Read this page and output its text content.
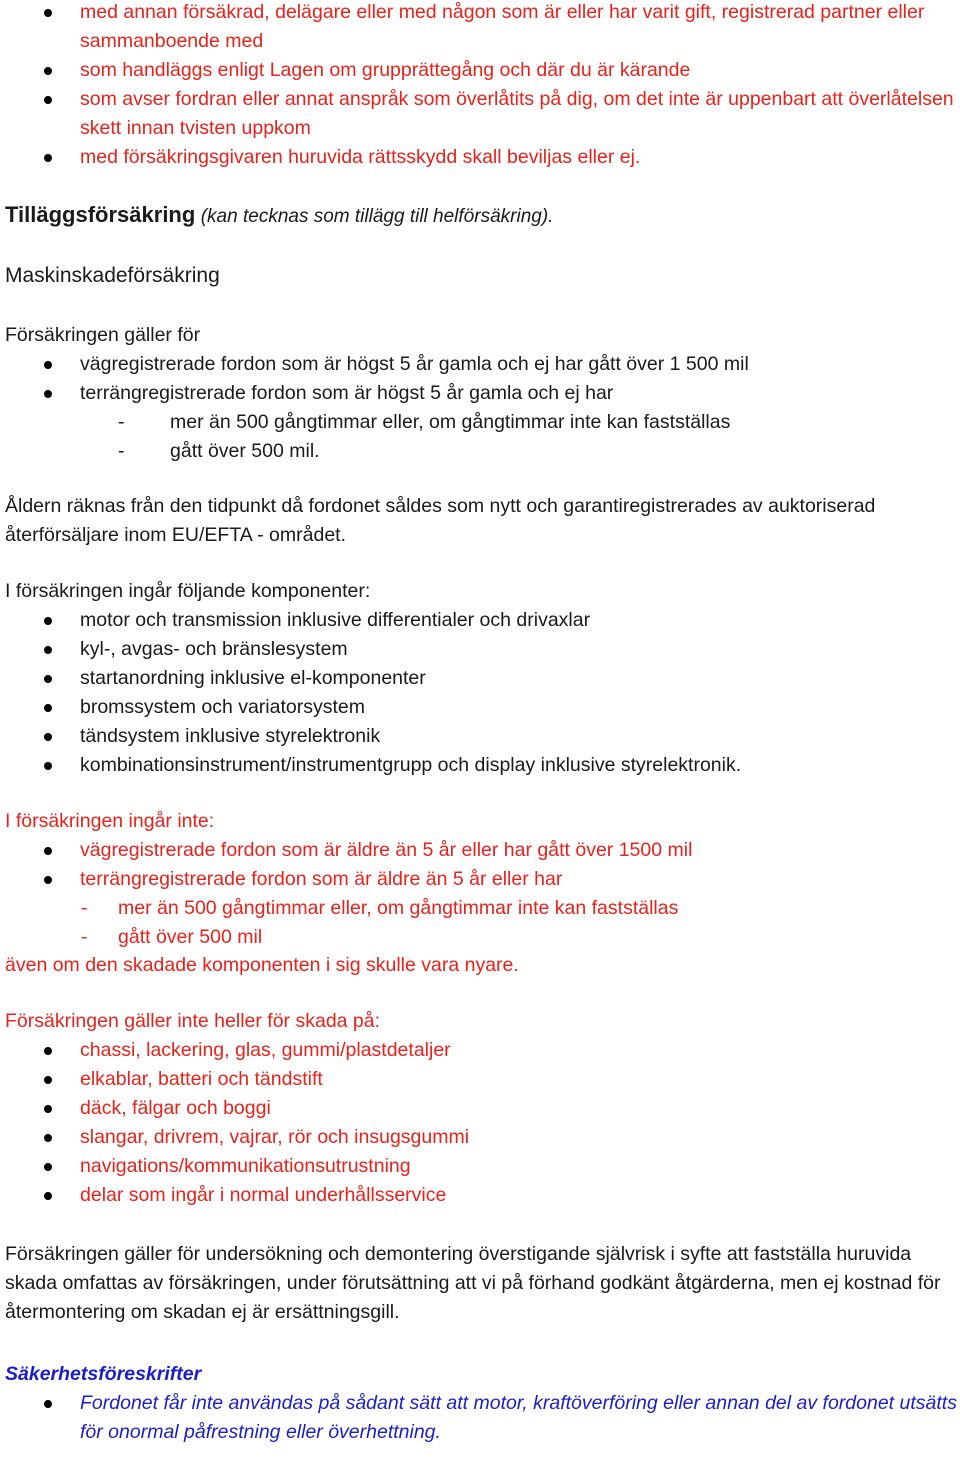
med annan försäkrad, delägare eller med någon som är eller har varit gift, registrerad partner eller sammanboende med
som handläggs enligt Lagen om grupprättegång och där du är kärande
som avser fordran eller annat anspråk som överlåtits på dig, om det inte är uppenbart att överlåtelsen skett innan tvisten uppkom
med försäkringsgivaren huruvida rättsskydd skall beviljas eller ej.

Tilläggsförsäkring (kan tecknas som tillägg till helförsäkring).

Maskinskadeförsäkring

Försäkringen gäller för

vägregistrerade fordon som är högst 5 år gamla och ej har gått över 1 500 mil
terrängregistrerade fordon som är högst 5 år gamla och ej har
- mer än 500 gångtimmar eller, om gångtimmar inte kan fastställas
- gått över 500 mil.

Åldern räknas från den tidpunkt då fordonet såldes som nytt och garantiregistrerades av auktoriserad återförsäljare inom EU/EFTA - området.

I försäkringen ingår följande komponenter:

motor och transmission inklusive differentialer och drivaxlar
kyl-, avgas- och bränslesystem
startanordning inklusive el-komponenter
bromssystem och variatorsystem
tändsystem inklusive styrelektronik
kombinationsinstrument/instrumentgrupp och display inklusive styrelektronik.

I försäkringen ingår inte:

vägregistrerade fordon som är äldre än 5 år eller har gått över 1500 mil
terrängregistrerade fordon som är äldre än 5 år eller har
- mer än 500 gångtimmar eller, om gångtimmar inte kan fastställas
- gått över 500 mil

även om den skadade komponenten i sig skulle vara nyare.

Försäkringen gäller inte heller för skada på:

chassi, lackering, glas, gummi/plastdetaljer
elkablar, batteri och tändstift
däck, fälgar och boggi
slangar, drivrem, vajrar, rör och insugsgummi
navigations/kommunikationsutrustning
delar som ingår i normal underhållsservice

Försäkringen gäller för undersökning och demontering överstigande självrisk i syfte att fastställa huruvida skada omfattas av försäkringen, under förutsättning att vi på förhand godkänt åtgärderna, men ej kostnad för återmontering om skadan ej är ersättningsgill.

Säkerhetsföreskrifter

Fordonet får inte användas på sådant sätt att motor, kraftöverföring eller annan del av fordonet utsätts för onormal påfrestning eller överhettning.
